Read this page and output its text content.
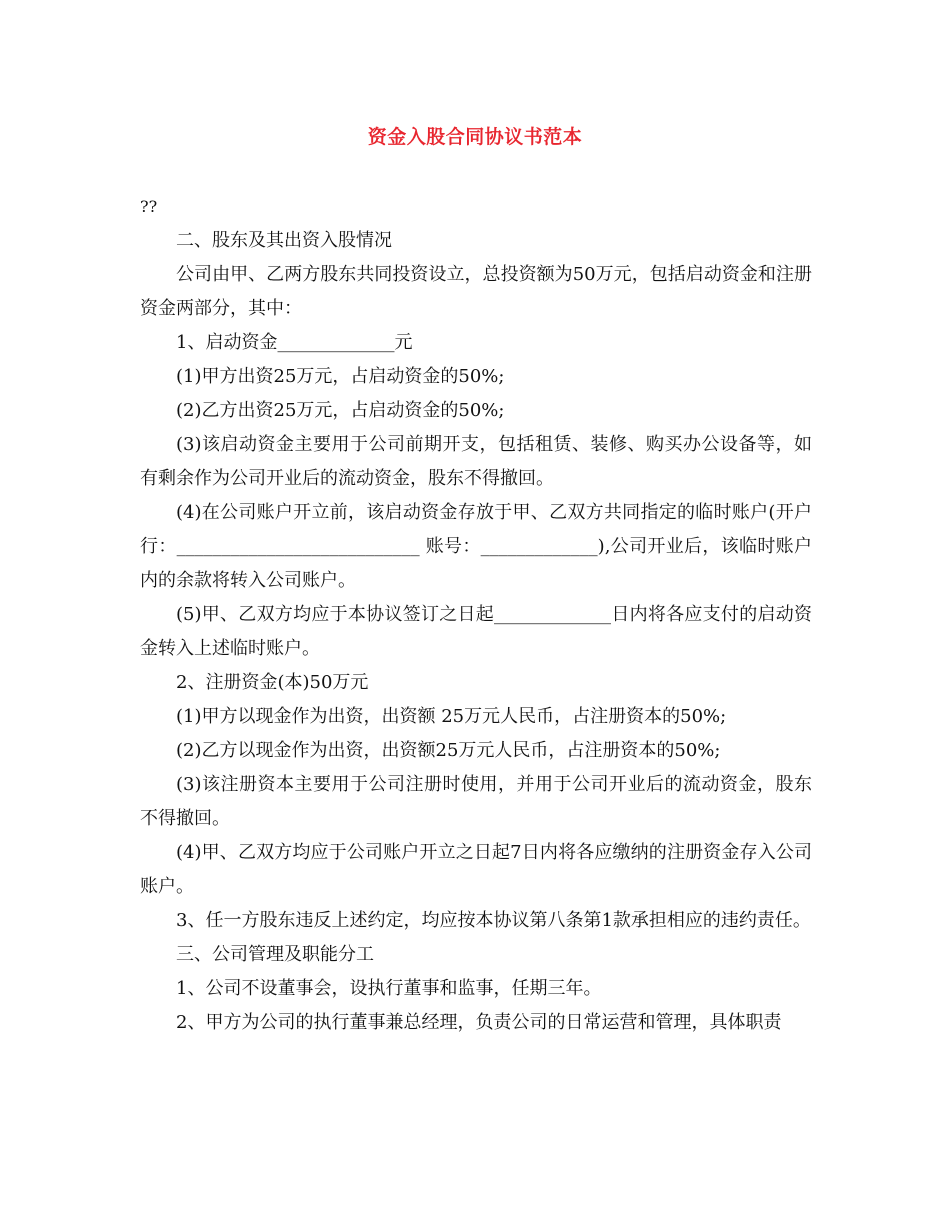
资金入股合同协议书范本

??

二、股东及其出资入股情况

公司由甲、乙两方股东共同投资设立，总投资额为50万元，包括启动资金和注册资金两部分，其中：

1、启动资金_____________元

(1)甲方出资25万元，占启动资金的50%;

(2)乙方出资25万元，占启动资金的50%;

(3)该启动资金主要用于公司前期开支，包括租赁、装修、购买办公设备等，如有剩余作为公司开业后的流动资金，股东不得撤回。

(4)在公司账户开立前，该启动资金存放于甲、乙双方共同指定的临时账户(开户行：___________________________ 账号：_____________),公司开业后，该临时账户内的余款将转入公司账户。

(5)甲、乙双方均应于本协议签订之日起_____________日内将各应支付的启动资金转入上述临时账户。

2、注册资金(本)50万元

(1)甲方以现金作为出资，出资额 25万元人民币，占注册资本的50%;

(2)乙方以现金作为出资，出资额25万元人民币，占注册资本的50%;

(3)该注册资本主要用于公司注册时使用，并用于公司开业后的流动资金，股东不得撤回。

(4)甲、乙双方均应于公司账户开立之日起7日内将各应缴纳的注册资金存入公司账户。

3、任一方股东违反上述约定，均应按本协议第八条第1款承担相应的违约责任。

三、公司管理及职能分工

1、公司不设董事会，设执行董事和监事，任期三年。

2、甲方为公司的执行董事兼总经理，负责公司的日常运营和管理，具体职责
